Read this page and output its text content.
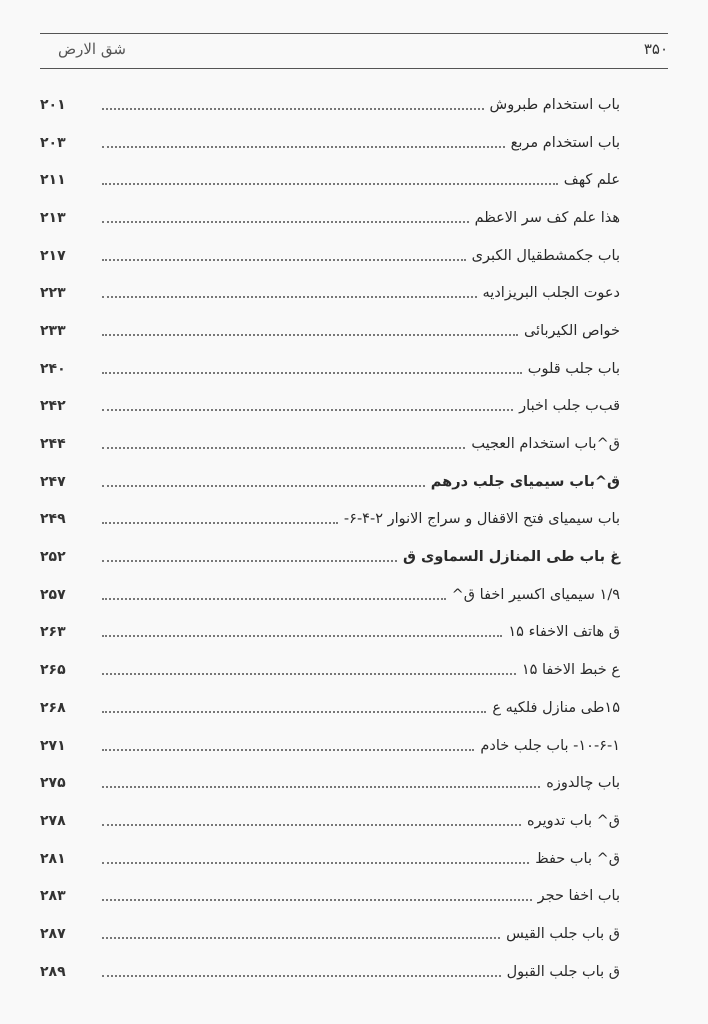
شق الارض	۳۵۰
باب استخدام طبروش
۲۰۱
باب استخدام مربع
۲۰۳
علم کهف
۲۱۱
هذا علم کف سر الاعظم
۲۱۳
باب جکمشطقیال الکبری
۲۱۷
دعوت الجلب البریزادیه
۲۲۳
خواص الکیربائی
۲۳۳
باب جلب قلوب
۲۴۰
قب‌ب جلب اخبار
۲۴۲
ق^باب استخدام العجیب
۲۴۴
ق^باب سیمیای جلب درهم
۲۴۷
باب سیمیای فتح الاقفال و سراج الانوار ۲-۴-۶-
۲۴۹
غ باب طی المنازل السماوی ق
۲۵۲
۱/۹ سیمیای اکسیر اخفا ق^
۲۵۷
ق هاتف الاخفاء ۱۵
۲۶۳
ع خبط الاخفا ۱۵
۲۶۵
۱۵طی منازل فلکیه ع
۲۶۸
۱۰-۶-۱- باب جلب خادم
۲۷۱
باب چالدوزه
۲۷۵
ق^ باب تدویره
۲۷۸
ق^ باب حفظ
۲۸۱
باب اخفا حجر
۲۸۳
ق باب جلب القیس
۲۸۷
ق باب جلب القبول
۲۸۹
